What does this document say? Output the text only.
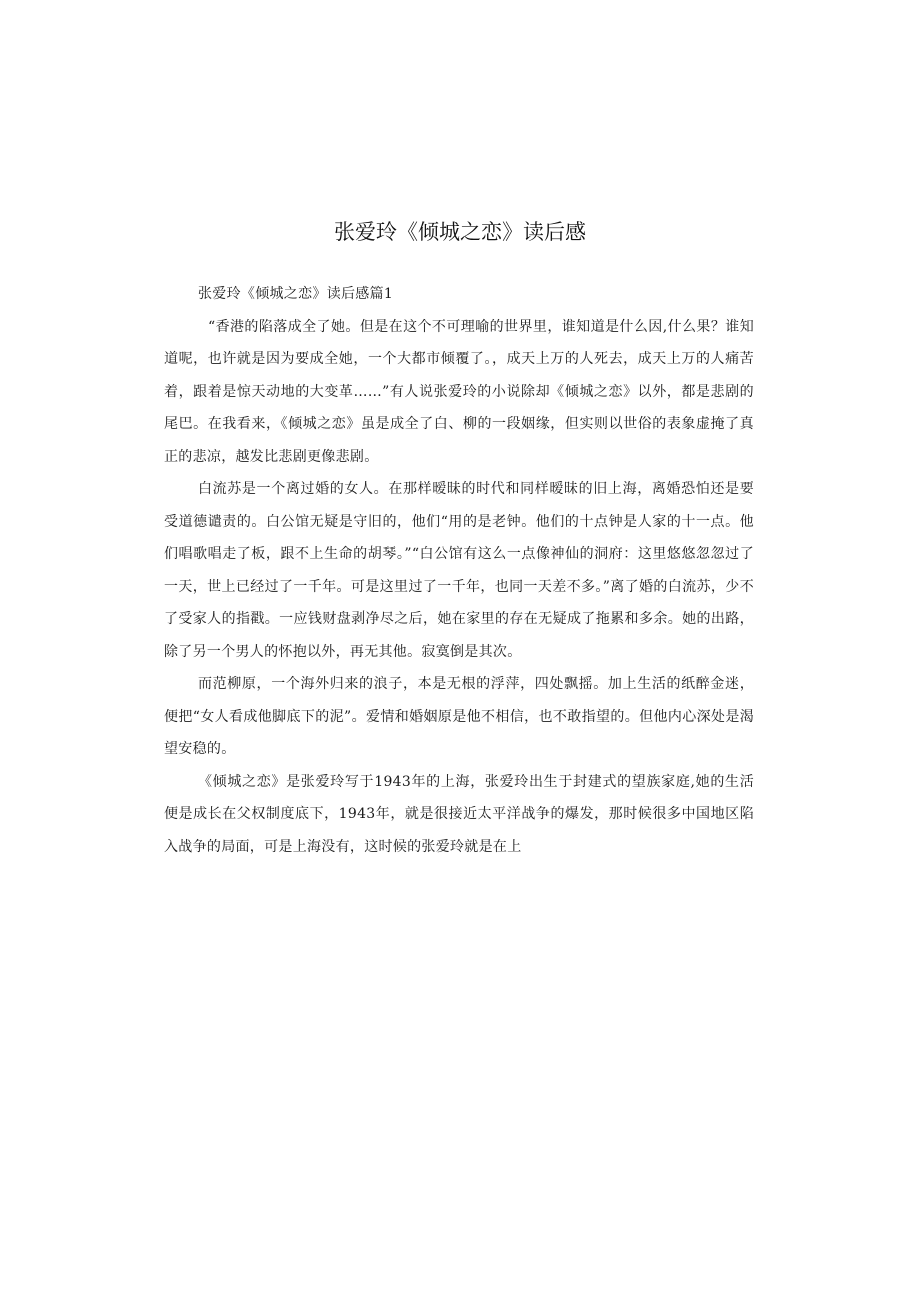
张爱玲《倾城之恋》读后感

张爱玲《倾城之恋》读后感篇1

“香港的陷落成全了她。但是在这个不可理喻的世界里，谁知道是什么因,什么果？谁知道呢，也许就是因为要成全她，一个大都市倾覆了。，成天上万的人死去，成天上万的人痛苦着，跟着是惊天动地的大变革……”有人说张爱玲的小说除却《倾城之恋》以外，都是悲剧的尾巴。在我看来，《倾城之恋》虽是成全了白、柳的一段姻缘，但实则以世俗的表象虚掩了真正的悲凉，越发比悲剧更像悲剧。

白流苏是一个离过婚的女人。在那样暧昧的时代和同样暧昧的旧上海，离婚恐怕还是要受道德谴责的。白公馆无疑是守旧的，他们“用的是老钟。他们的十点钟是人家的十一点。他们唱歌唱走了板，跟不上生命的胡琴。”“白公馆有这么一点像神仙的洞府：这里悠悠忽忽过了一天，世上已经过了一千年。可是这里过了一千年，也同一天差不多。”离了婚的白流苏，少不了受家人的指戳。一应钱财盘剥净尽之后，她在家里的存在无疑成了拖累和多余。她的出路，除了另一个男人的怀抱以外，再无其他。寂寞倒是其次。

而范柳原，一个海外归来的浪子，本是无根的浮萍，四处飘摇。加上生活的纸醉金迷，便把“女人看成他脚底下的泥”。爱情和婚姻原是他不相信，也不敢指望的。但他内心深处是渴望安稳的。

《倾城之恋》是张爱玲写于1943年的上海，张爱玲出生于封建式的望族家庭,她的生活便是成长在父权制度底下，1943年，就是很接近太平洋战争的爆发，那时候很多中国地区陷入战争的局面，可是上海没有，这时候的张爱玲就是在上
